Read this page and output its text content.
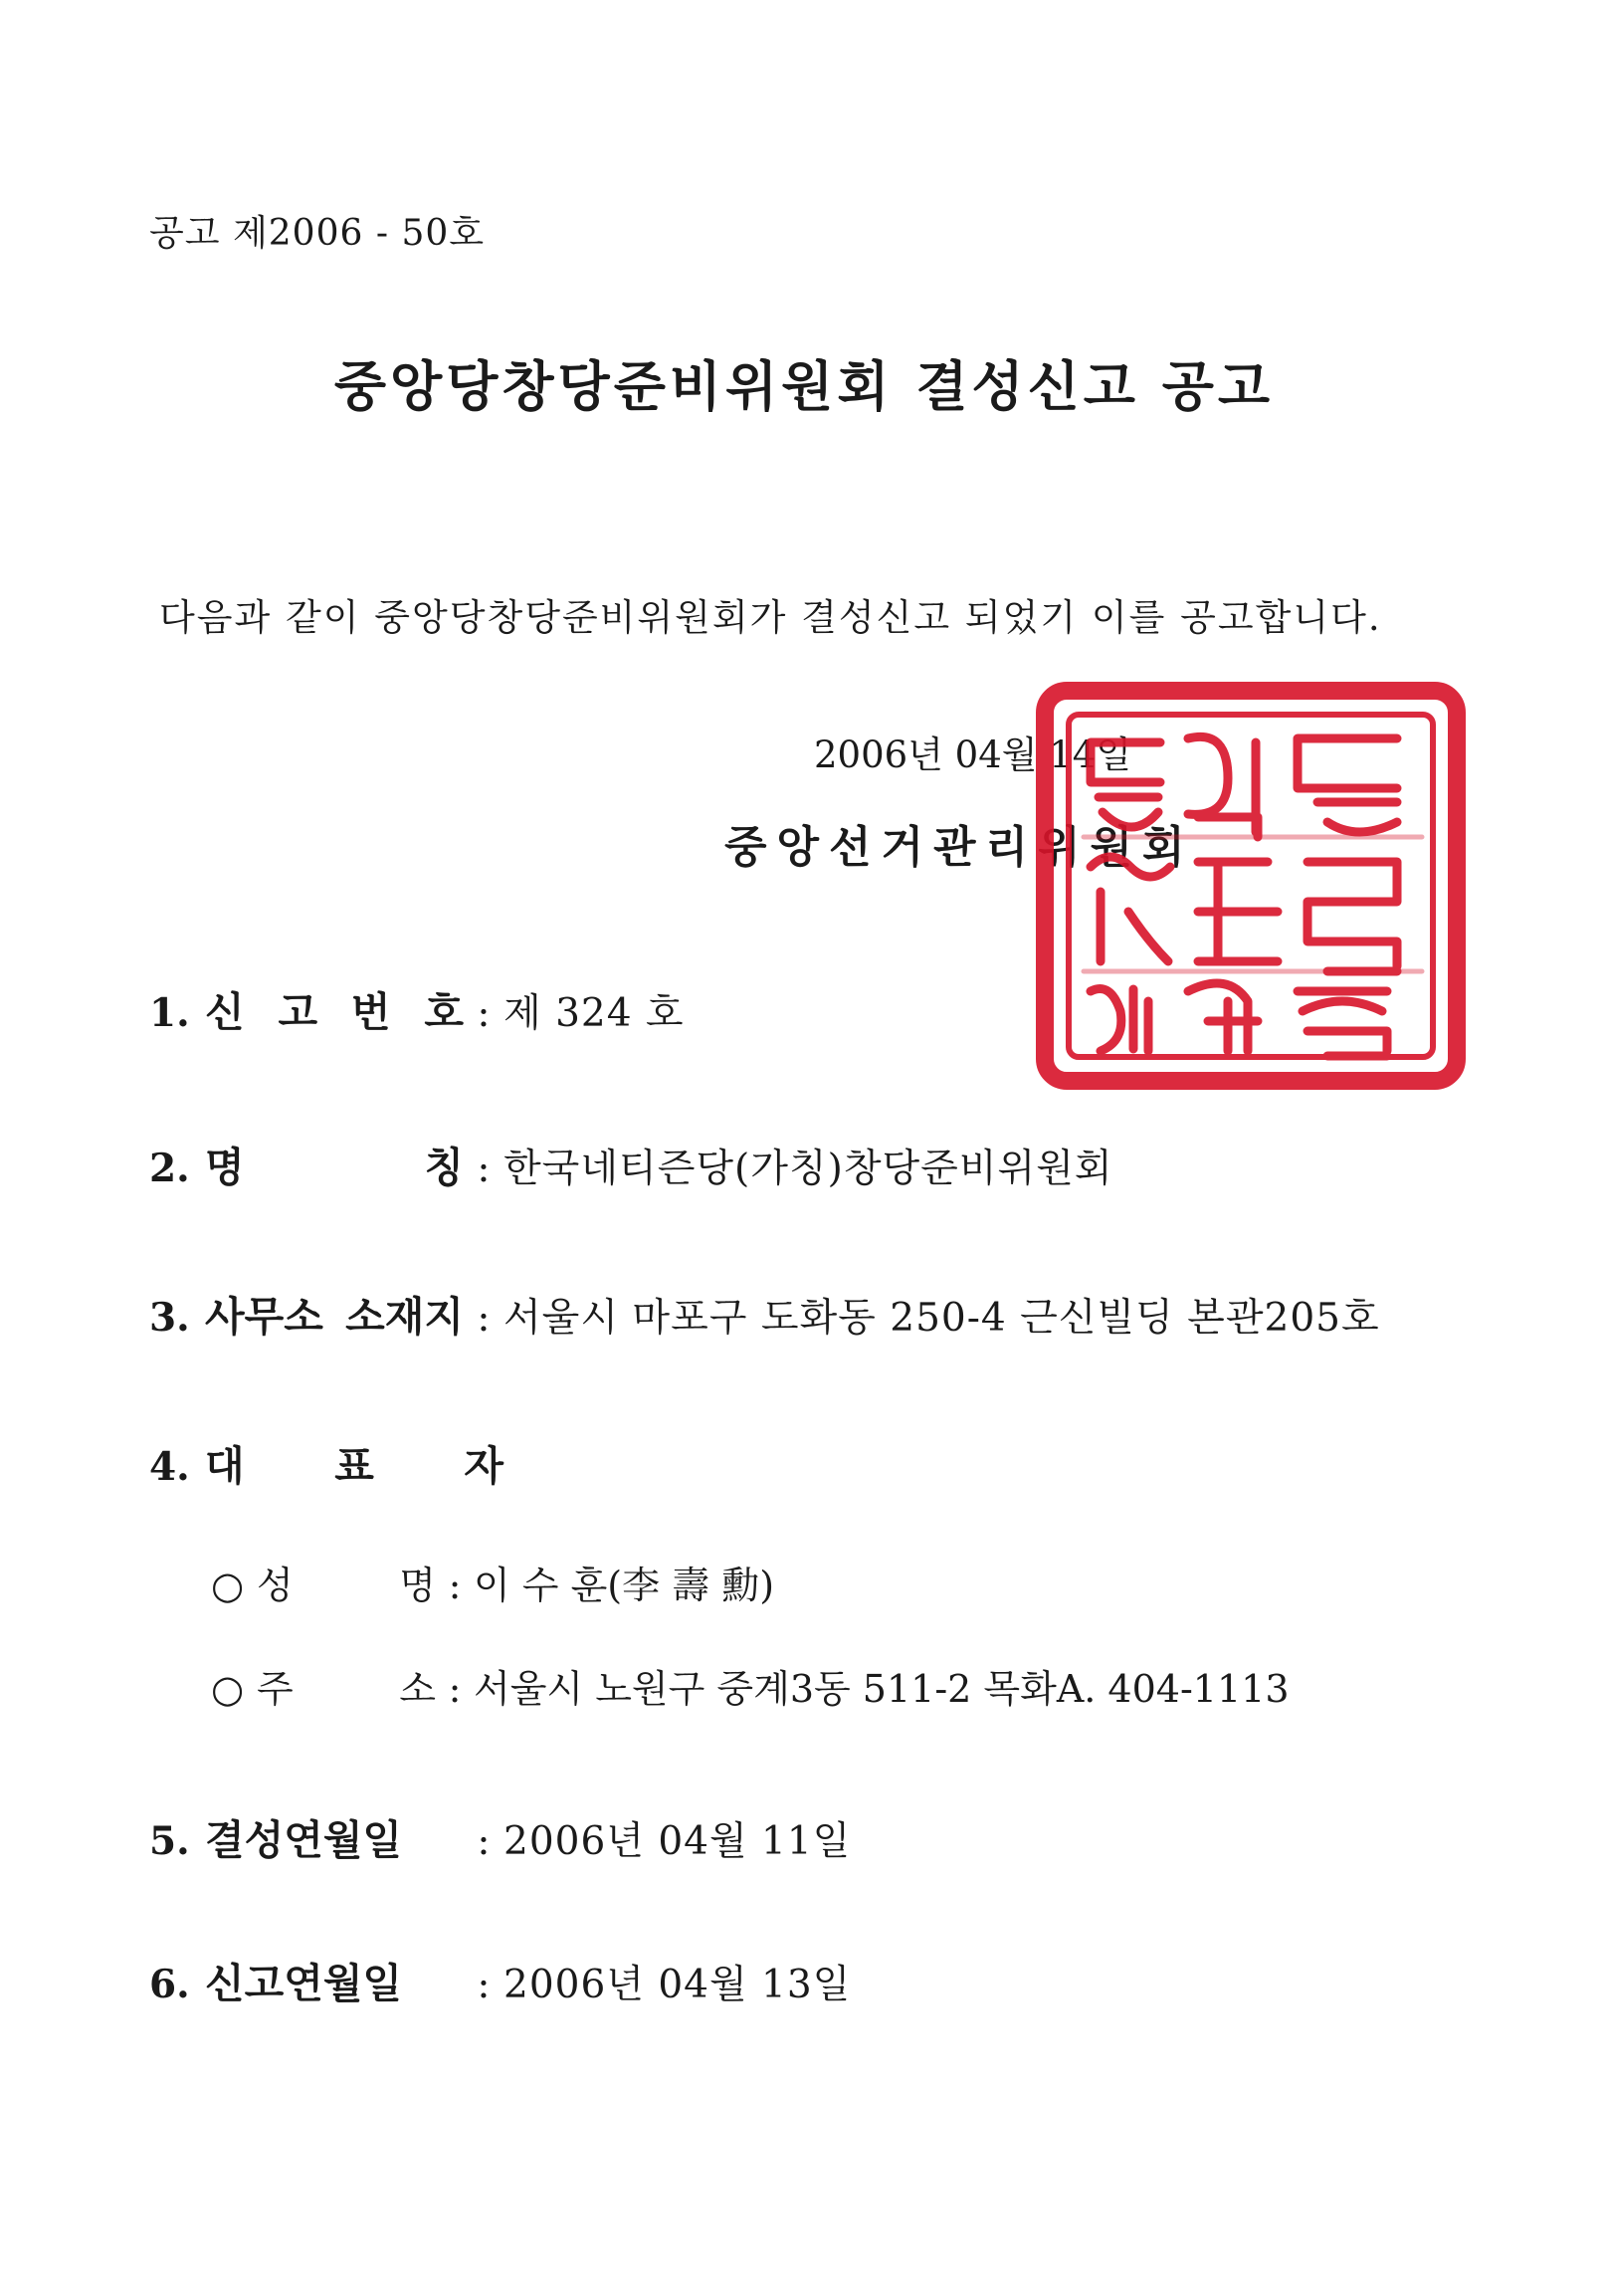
공고 제2006 - 50호
중앙당창당준비위원회 결성신고 공고
다음과 같이 중앙당창당준비위원회가 결성신고 되었기 이를 공고합니다.
2006년 04월 14일
중앙선거관리위원회
1. 신 고 번 호 : 제 324 호
2. 명	칭 : 한국네티즌당(가칭)창당준비위원회
3. 사무소 소재지 : 서울시 마포구 도화동 250-4 근신빌딩 본관205호
4. 대 표 자
○ 성	명 : 이 수 훈(李 壽 勳)
○ 주	소 : 서울시 노원구 중계3동 511-2 목화A. 404-1113
5. 결성연월일	: 2006년 04월 11일
6. 신고연월일	: 2006년 04월 13일
